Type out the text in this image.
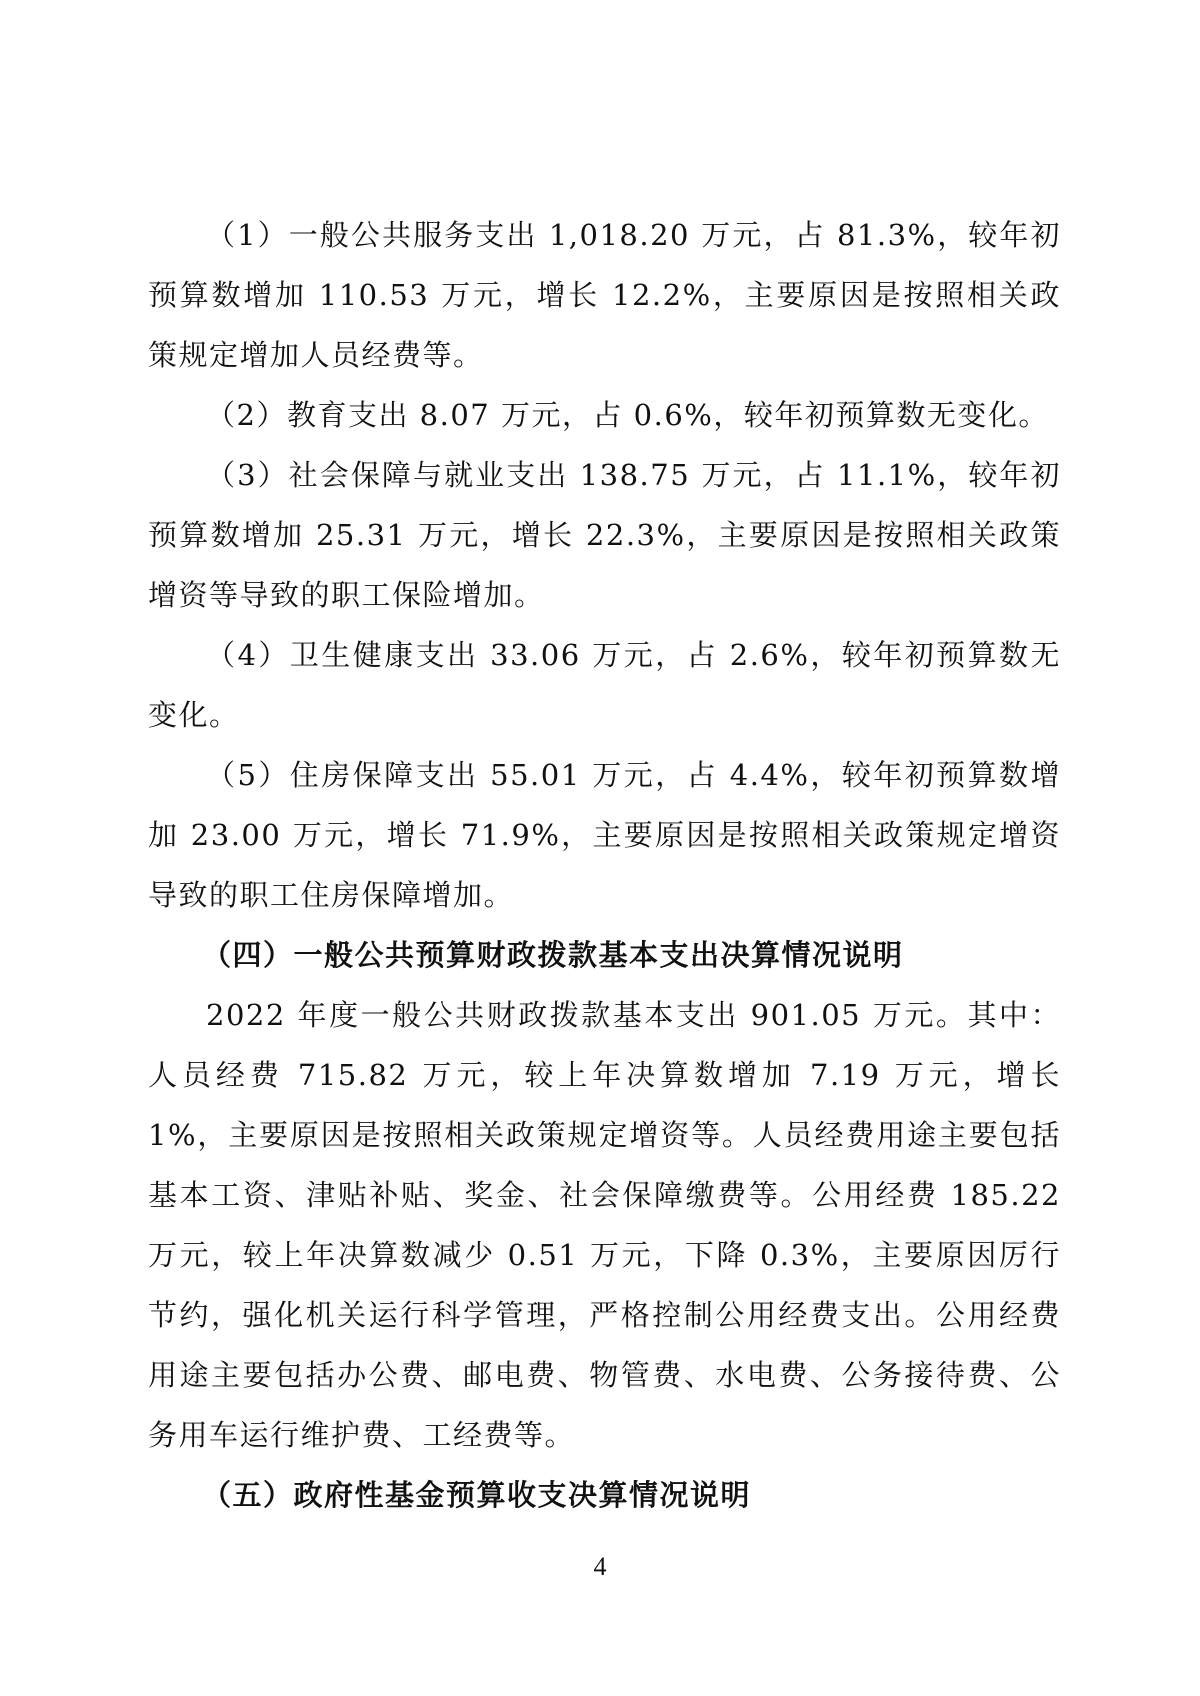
（1）一般公共服务支出 1,018.20 万元，占 81.3%，较年初预算数增加 110.53 万元，增长 12.2%，主要原因是按照相关政策规定增加人员经费等。

（2）教育支出 8.07 万元，占 0.6%，较年初预算数无变化。

（3）社会保障与就业支出 138.75 万元，占 11.1%，较年初预算数增加 25.31 万元，增长 22.3%，主要原因是按照相关政策增资等导致的职工保险增加。

（4）卫生健康支出 33.06 万元，占 2.6%，较年初预算数无变化。

（5）住房保障支出 55.01 万元，占 4.4%，较年初预算数增加 23.00 万元，增长 71.9%，主要原因是按照相关政策规定增资导致的职工住房保障增加。

（四）一般公共预算财政拨款基本支出决算情况说明

2022 年度一般公共财政拨款基本支出 901.05 万元。其中：人员经费 715.82 万元，较上年决算数增加 7.19 万元，增长 1%，主要原因是按照相关政策规定增资等。人员经费用途主要包括基本工资、津贴补贴、奖金、社会保障缴费等。公用经费 185.22 万元，较上年决算数减少 0.51 万元，下降 0.3%，主要原因厉行节约，强化机关运行科学管理，严格控制公用经费支出。公用经费用途主要包括办公费、邮电费、物管费、水电费、公务接待费、公务用车运行维护费、工经费等。

（五）政府性基金预算收支决算情况说明

4
